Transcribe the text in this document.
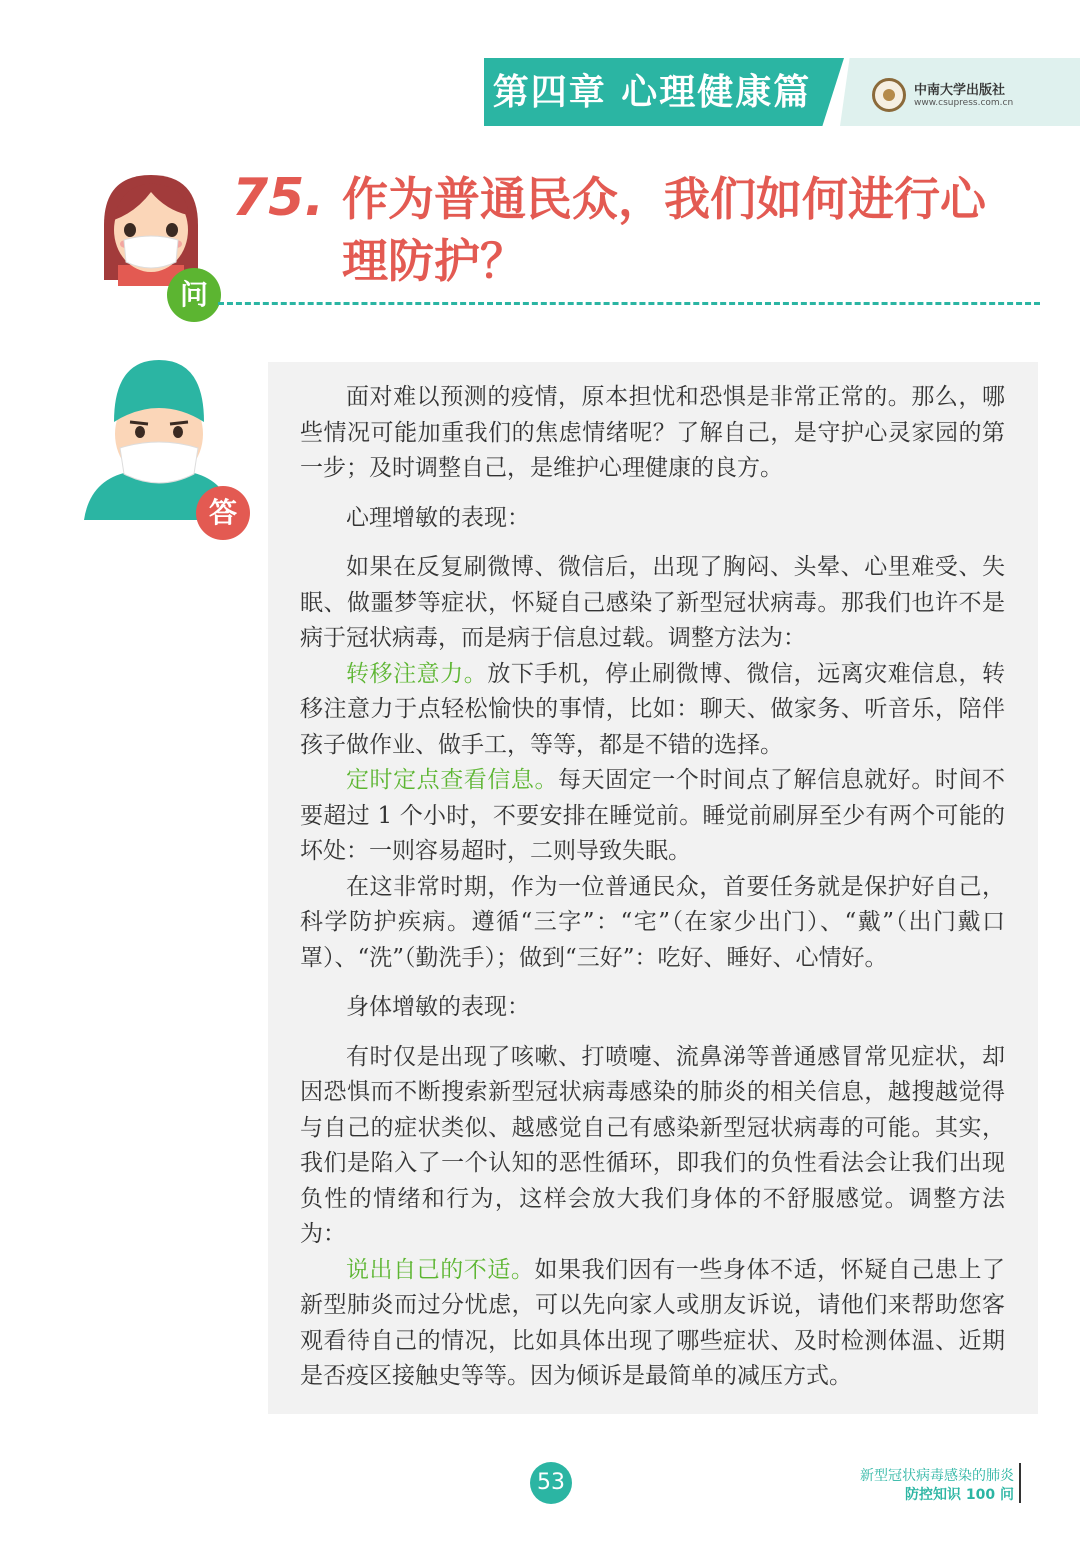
第四章 心理健康篇	中南大学出版社
www.csupress.com.cn
问
75. 作为普通民众，我们如何进行心理防护？
答

面对难以预测的疫情，原本担忧和恐惧是非常正常的。那么，哪些情况可能加重我们的焦虑情绪呢？了解自己，是守护心灵家园的第一步；及时调整自己，是维护心理健康的良方。

心理增敏的表现：

如果在反复刷微博、微信后，出现了胸闷、头晕、心里难受、失眠、做噩梦等症状，怀疑自己感染了新型冠状病毒。那我们也许不是病于冠状病毒，而是病于信息过载。调整方法为：

转移注意力。放下手机，停止刷微博、微信，远离灾难信息，转移注意力于点轻松愉快的事情，比如：聊天、做家务、听音乐，陪伴孩子做作业、做手工，等等，都是不错的选择。

定时定点查看信息。每天固定一个时间点了解信息就好。时间不要超过 1 个小时，不要安排在睡觉前。睡觉前刷屏至少有两个可能的坏处：一则容易超时，二则导致失眠。

在这非常时期，作为一位普通民众，首要任务就是保护好自己，科学防护疾病。遵循“三字”：“宅”（在家少出门）、“戴”（出门戴口罩）、“洗”（勤洗手）；做到“三好”：吃好、睡好、心情好。

身体增敏的表现：

有时仅是出现了咳嗽、打喷嚏、流鼻涕等普通感冒常见症状，却因恐惧而不断搜索新型冠状病毒感染的肺炎的相关信息，越搜越觉得与自己的症状类似、越感觉自己有感染新型冠状病毒的可能。其实，我们是陷入了一个认知的恶性循环，即我们的负性看法会让我们出现负性的情绪和行为，这样会放大我们身体的不舒服感觉。调整方法为：

说出自己的不适。如果我们因有一些身体不适，怀疑自己患上了新型肺炎而过分忧虑，可以先向家人或朋友诉说，请他们来帮助您客观看待自己的情况，比如具体出现了哪些症状、及时检测体温、近期是否疫区接触史等等。因为倾诉是最简单的减压方式。

53	新型冠状病毒感染的肺炎
防控知识 100 问
